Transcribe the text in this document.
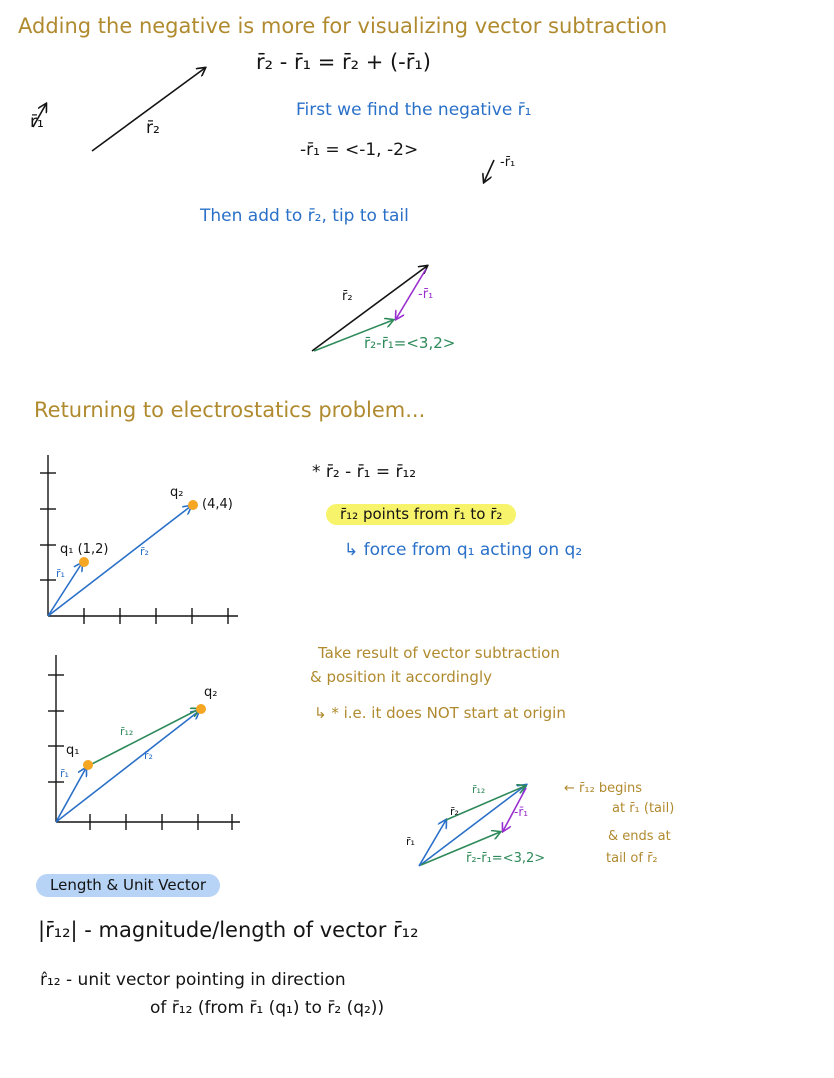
Adding the negative is more for visualizing vector subtraction
r̄₂ - r̄₁ = r̄₂ + (-r̄₁)
r̄₁	r̄₂
First we find the negative r̄₁
-r̄₁ = <-1, -2>
-r̄₁
Then add to r̄₂, tip to tail
r̄₂	-r̄₁
r̄₂-r̄₁=<3,2>
Returning to electrostatics problem...
q₂
(4,4)
q₁ (1,2)
r̄₁
r̄₂
* r̄₂ - r̄₁ = r̄₁₂
r̄₁₂ points from r̄₁ to r̄₂
↳ force from q₁ acting on q₂
q₂
q₁
r̄₁₂
r̄₁
r̄₂
Take result of vector subtraction
& position it accordingly
↳ * i.e. it does NOT start at origin
r̄₁₂
r̄₂	-r̄₁
r̄₁
r̄₂-r̄₁=<3,2>
← r̄₁₂ begins
at r̄₁ (tail)
& ends at
tail of r̄₂
Length & Unit Vector
|r̄₁₂| - magnitude/length of vector r̄₁₂
r̂₁₂ - unit vector pointing in direction
of r̄₁₂ (from r̄₁ (q₁) to r̄₂ (q₂))
